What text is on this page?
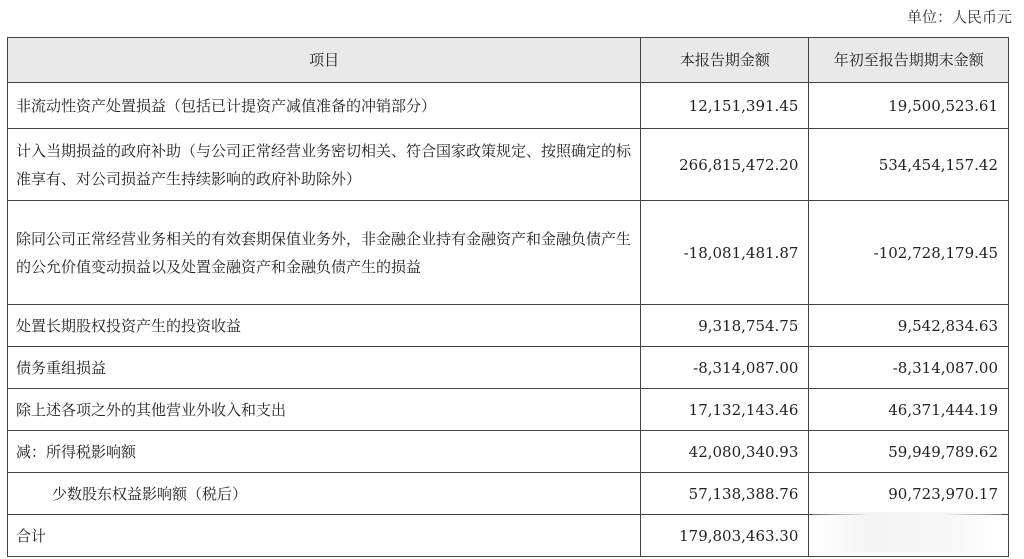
单位：人民币元
项目	本报告期金额	年初至报告期期末金额
非流动性资产处置损益（包括已计提资产减值准备的冲销部分）	12,151,391.45	19,500,523.61
计入当期损益的政府补助（与公司正常经营业务密切相关、符合国家政策规定、按照确定的标准享有、对公司损益产生持续影响的政府补助除外）	266,815,472.20	534,454,157.42
除同公司正常经营业务相关的有效套期保值业务外，非金融企业持有金融资产和金融负债产生的公允价值变动损益以及处置金融资产和金融负债产生的损益	-18,081,481.87	-102,728,179.45
处置长期股权投资产生的投资收益	9,318,754.75	9,542,834.63
债务重组损益	-8,314,087.00	-8,314,087.00
除上述各项之外的其他营业外收入和支出	17,132,143.46	46,371,444.19
减：所得税影响额	42,080,340.93	59,949,789.62
少数股东权益影响额（税后）	57,138,388.76	90,723,970.17
合计	179,803,463.30	
